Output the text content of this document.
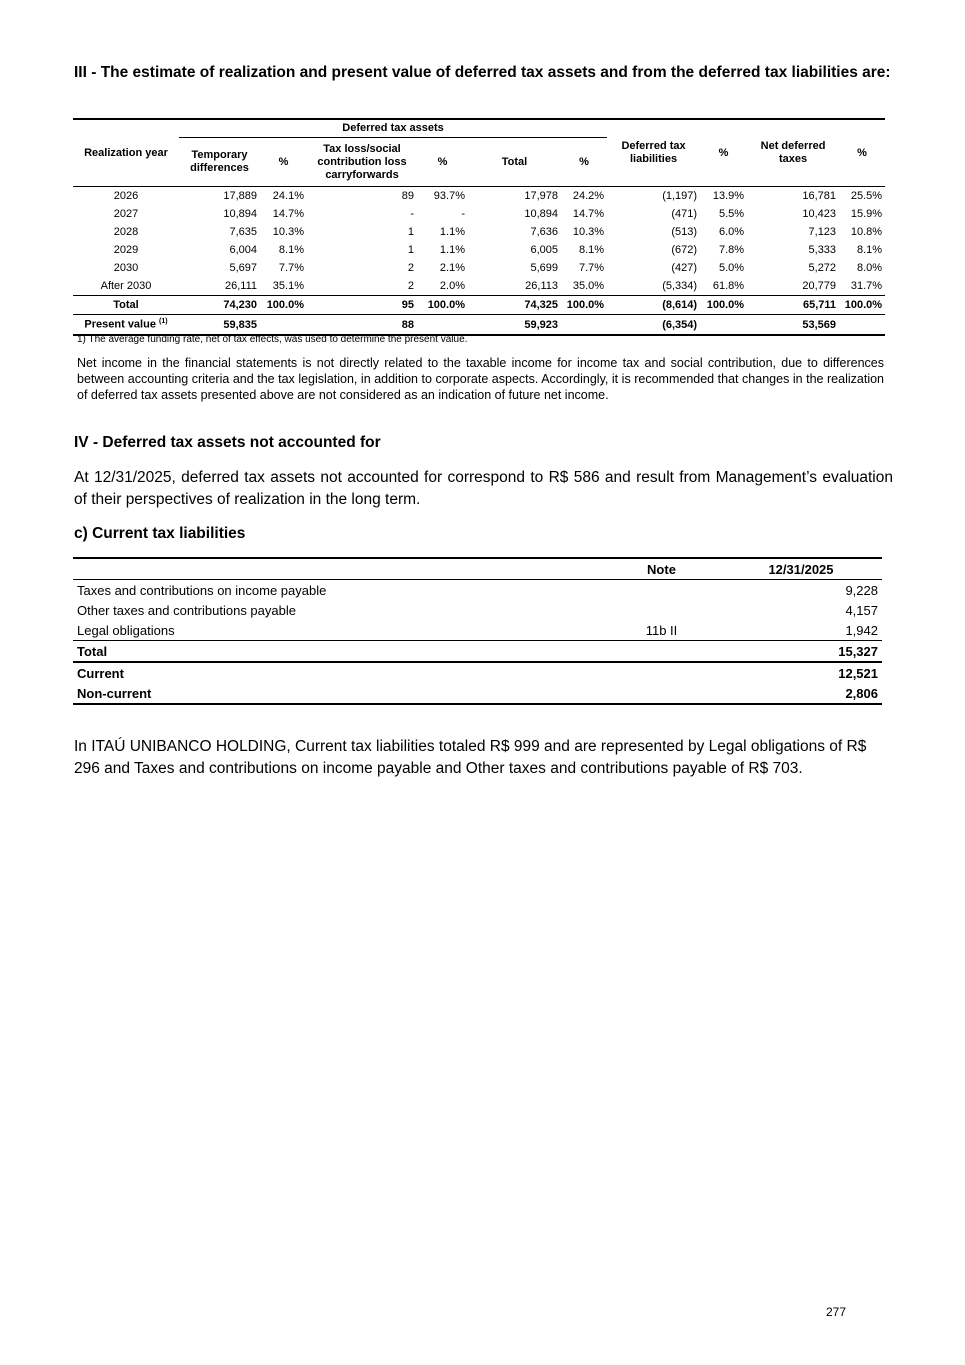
III - The estimate of realization and present value of deferred tax assets and from the deferred tax liabilities are:
Realization year	Deferred tax assets						Deferred tax liabilities	%	Net deferred taxes	%
	Temporary differences	%	Tax loss/social contribution loss carryforwards	%	Total	%				
2026	17,889	24.1%	89	93.7%	17,978	24.2%	(1,197)	13.9%	16,781	25.5%
2027	10,894	14.7%	-	-	10,894	14.7%	(471)	5.5%	10,423	15.9%
2028	7,635	10.3%	1	1.1%	7,636	10.3%	(513)	6.0%	7,123	10.8%
2029	6,004	8.1%	1	1.1%	6,005	8.1%	(672)	7.8%	5,333	8.1%
2030	5,697	7.7%	2	2.1%	5,699	7.7%	(427)	5.0%	5,272	8.0%
After 2030	26,111	35.1%	2	2.0%	26,113	35.0%	(5,334)	61.8%	20,779	31.7%
Total	74,230	100.0%	95	100.0%	74,325	100.0%	(8,614)	100.0%	65,711	100.0%
Present value $^{(1)}$	59,835		88		59,923		(6,354)		53,569	
1) The average funding rate, net of tax effects, was used to determine the present value.
Net income in the financial statements is not directly related to the taxable income for income tax and social contribution, due to differences between accounting criteria and the tax legislation, in addition to corporate aspects. Accordingly, it is recommended that changes in the realization of deferred tax assets presented above are not considered as an indication of future net income.
IV - Deferred tax assets not accounted for
At 12/31/2025, deferred tax assets not accounted for correspond to R$ 586 and result from Management’s evaluation of their perspectives of realization in the long term.
c) Current tax liabilities
	Note	12/31/2025
Taxes and contributions on income payable		9,228
Other taxes and contributions payable		4,157
Legal obligations	11b II	1,942
Total		15,327
Current		12,521
Non-current		2,806
In ITAÚ UNIBANCO HOLDING, Current tax liabilities totaled R$ 999 and are represented by Legal obligations of R$ 296 and Taxes and contributions on income payable and Other taxes and contributions payable of R$ 703.
277
